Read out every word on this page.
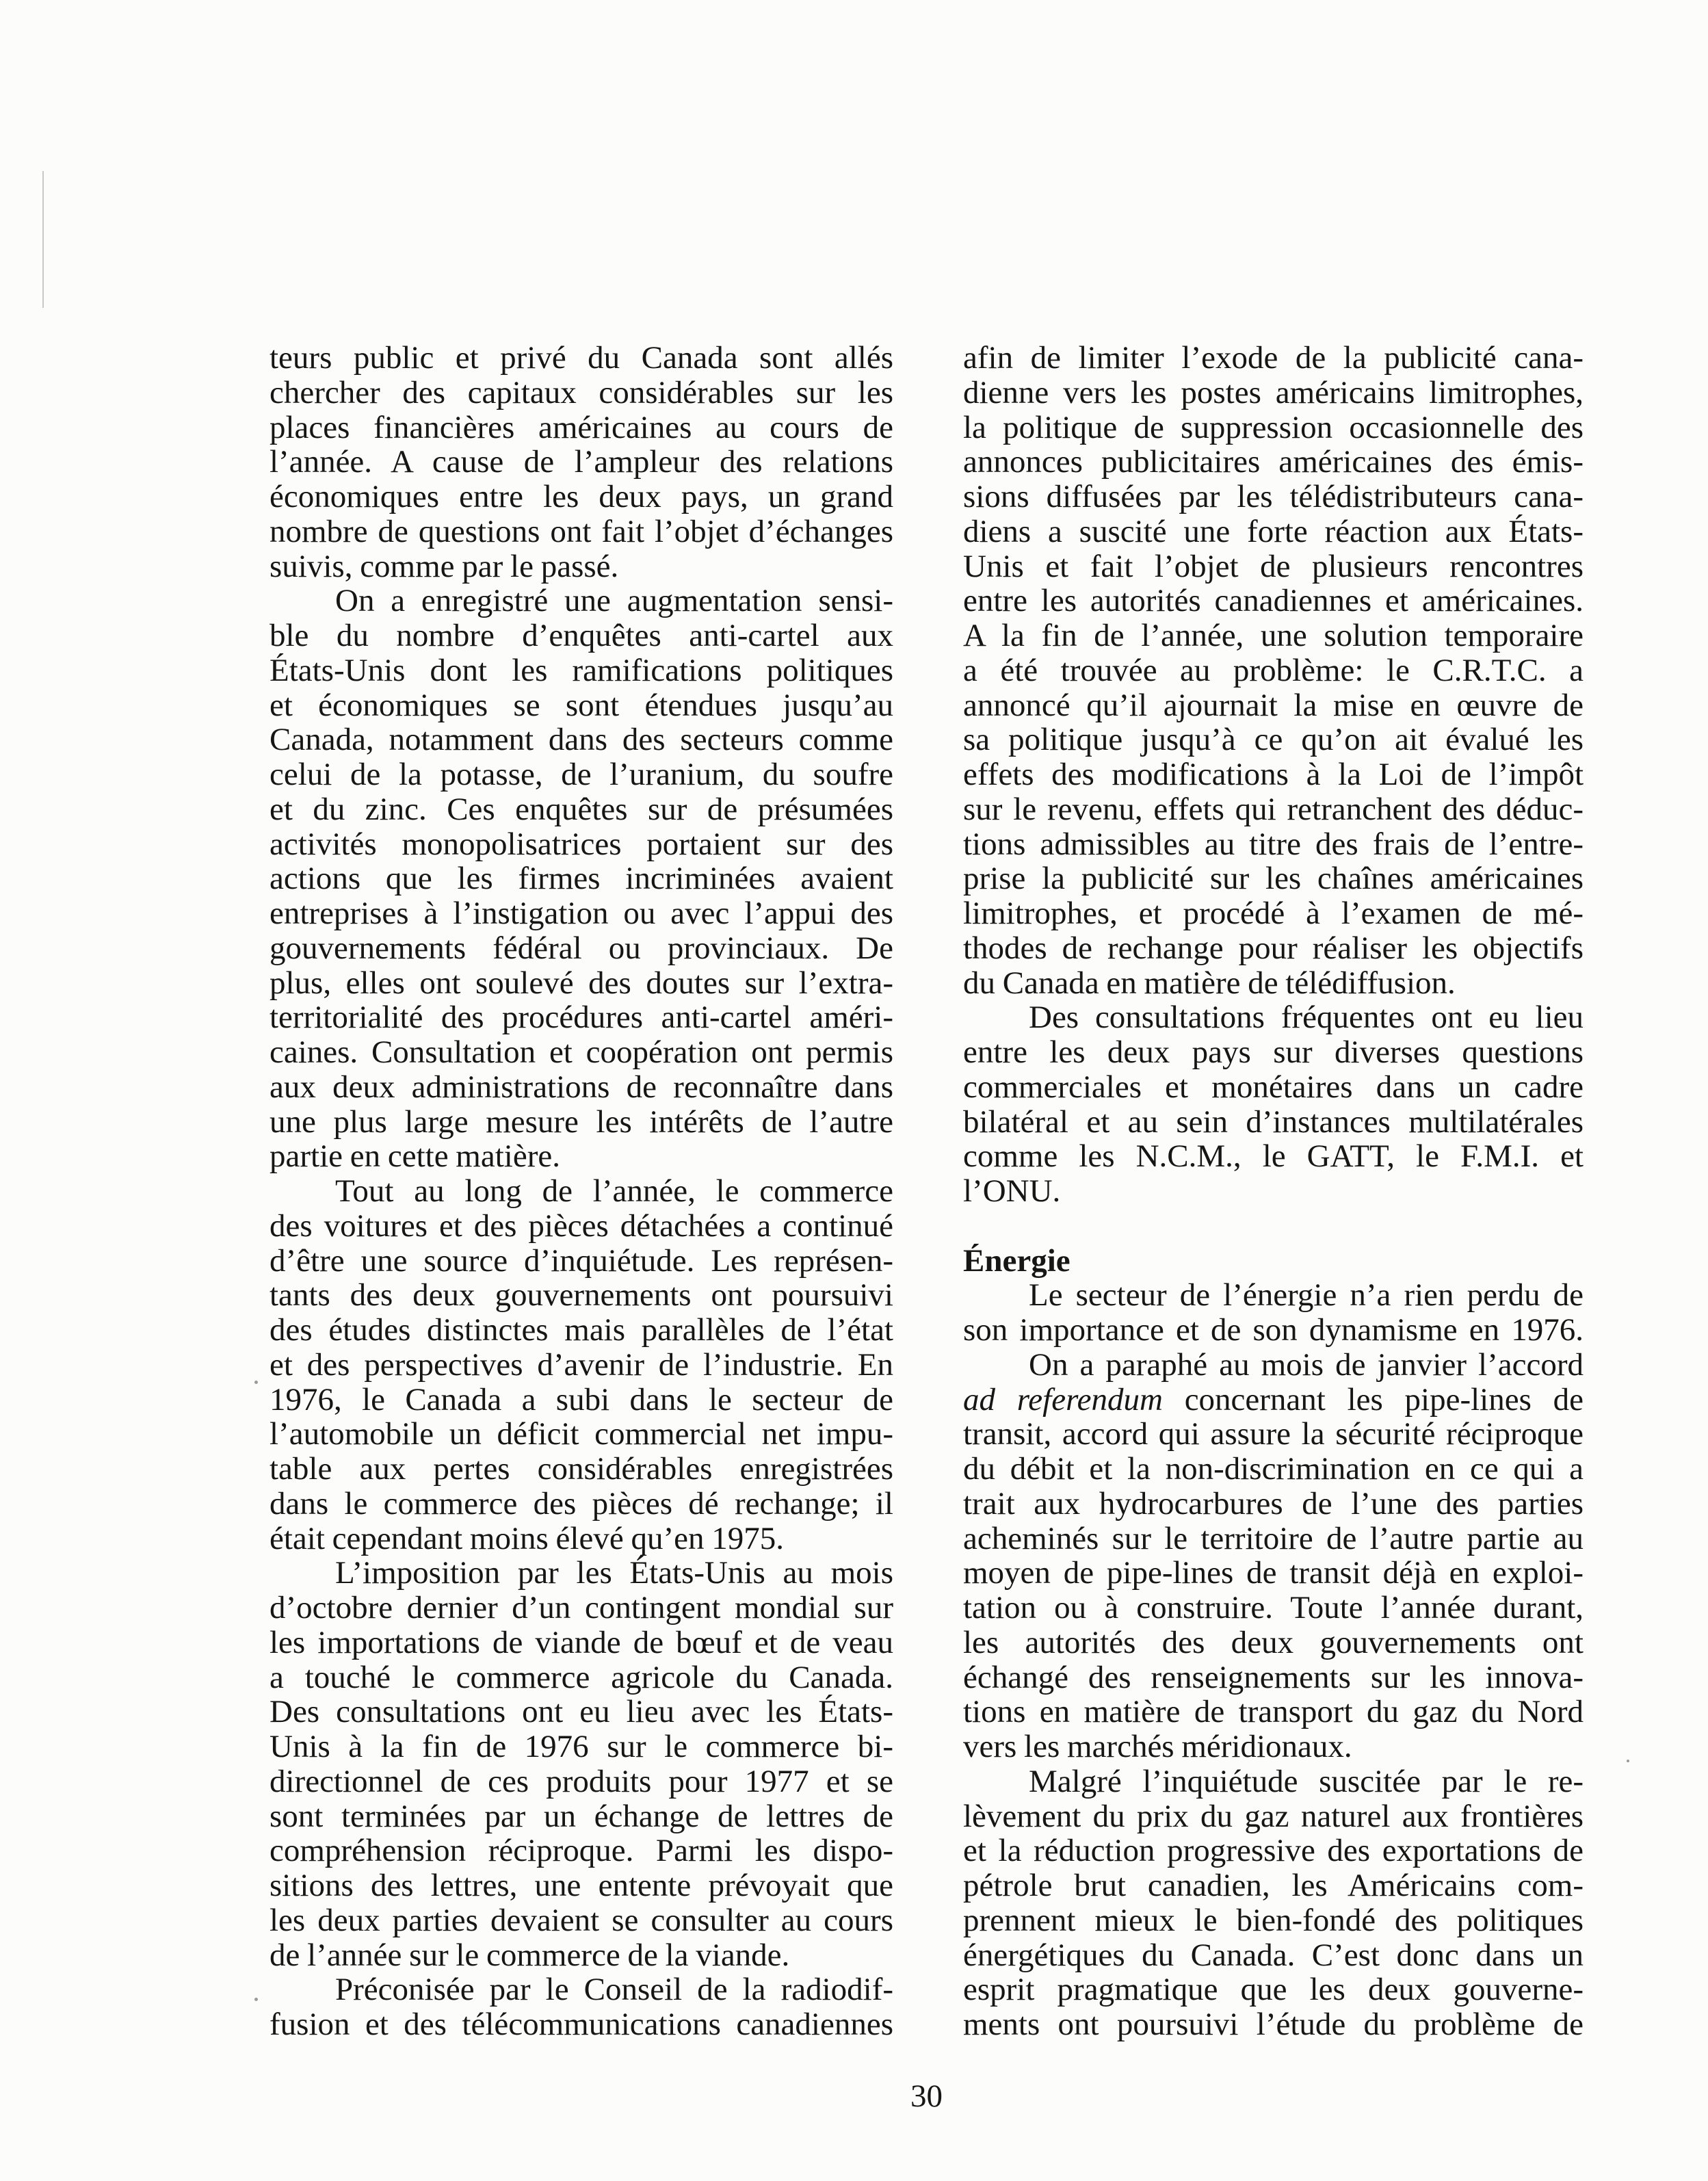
teurs public et privé du Canada sont allés
chercher des capitaux considérables sur les
places financières américaines au cours de
l’année. A cause de l’ampleur des relations
économiques entre les deux pays, un grand
nombre de questions ont fait l’objet d’échanges
suivis, comme par le passé.
On a enregistré une augmentation sensi-
ble du nombre d’enquêtes anti-cartel aux
États-Unis dont les ramifications politiques
et économiques se sont étendues jusqu’au
Canada, notamment dans des secteurs comme
celui de la potasse, de l’uranium, du soufre
et du zinc. Ces enquêtes sur de présumées
activités monopolisatrices portaient sur des
actions que les firmes incriminées avaient
entreprises à l’instigation ou avec l’appui des
gouvernements fédéral ou provinciaux. De
plus, elles ont soulevé des doutes sur l’extra-
territorialité des procédures anti-cartel améri-
caines. Consultation et coopération ont permis
aux deux administrations de reconnaître dans
une plus large mesure les intérêts de l’autre
partie en cette matière.
Tout au long de l’année, le commerce
des voitures et des pièces détachées a continué
d’être une source d’inquiétude. Les représen-
tants des deux gouvernements ont poursuivi
des études distinctes mais parallèles de l’état
et des perspectives d’avenir de l’industrie. En
1976, le Canada a subi dans le secteur de
l’automobile un déficit commercial net impu-
table aux pertes considérables enregistrées
dans le commerce des pièces dé rechange; il
était cependant moins élevé qu’en 1975.
L’imposition par les États-Unis au mois
d’octobre dernier d’un contingent mondial sur
les importations de viande de bœuf et de veau
a touché le commerce agricole du Canada.
Des consultations ont eu lieu avec les États-
Unis à la fin de 1976 sur le commerce bi-
directionnel de ces produits pour 1977 et se
sont terminées par un échange de lettres de
compréhension réciproque. Parmi les dispo-
sitions des lettres, une entente prévoyait que
les deux parties devaient se consulter au cours
de l’année sur le commerce de la viande.
Préconisée par le Conseil de la radiodif-
fusion et des télécommunications canadiennes
afin de limiter l’exode de la publicité cana-
dienne vers les postes américains limitrophes,
la politique de suppression occasionnelle des
annonces publicitaires américaines des émis-
sions diffusées par les télédistributeurs cana-
diens a suscité une forte réaction aux États-
Unis et fait l’objet de plusieurs rencontres
entre les autorités canadiennes et américaines.
A la fin de l’année, une solution temporaire
a été trouvée au problème: le C.R.T.C. a
annoncé qu’il ajournait la mise en œuvre de
sa politique jusqu’à ce qu’on ait évalué les
effets des modifications à la Loi de l’impôt
sur le revenu, effets qui retranchent des déduc-
tions admissibles au titre des frais de l’entre-
prise la publicité sur les chaînes américaines
limitrophes, et procédé à l’examen de mé-
thodes de rechange pour réaliser les objectifs
du Canada en matière de télédiffusion.
Des consultations fréquentes ont eu lieu
entre les deux pays sur diverses questions
commerciales et monétaires dans un cadre
bilatéral et au sein d’instances multilatérales
comme les N.C.M., le GATT, le F.M.I. et
l’ONU.
Énergie
Le secteur de l’énergie n’a rien perdu de
son importance et de son dynamisme en 1976.
On a paraphé au mois de janvier l’accord
ad referendum concernant les pipe-lines de
transit, accord qui assure la sécurité réciproque
du débit et la non-discrimination en ce qui a
trait aux hydrocarbures de l’une des parties
acheminés sur le territoire de l’autre partie au
moyen de pipe-lines de transit déjà en exploi-
tation ou à construire. Toute l’année durant,
les autorités des deux gouvernements ont
échangé des renseignements sur les innova-
tions en matière de transport du gaz du Nord
vers les marchés méridionaux.
Malgré l’inquiétude suscitée par le re-
lèvement du prix du gaz naturel aux frontières
et la réduction progressive des exportations de
pétrole brut canadien, les Américains com-
prennent mieux le bien-fondé des politiques
énergétiques du Canada. C’est donc dans un
esprit pragmatique que les deux gouverne-
ments ont poursuivi l’étude du problème de
30
